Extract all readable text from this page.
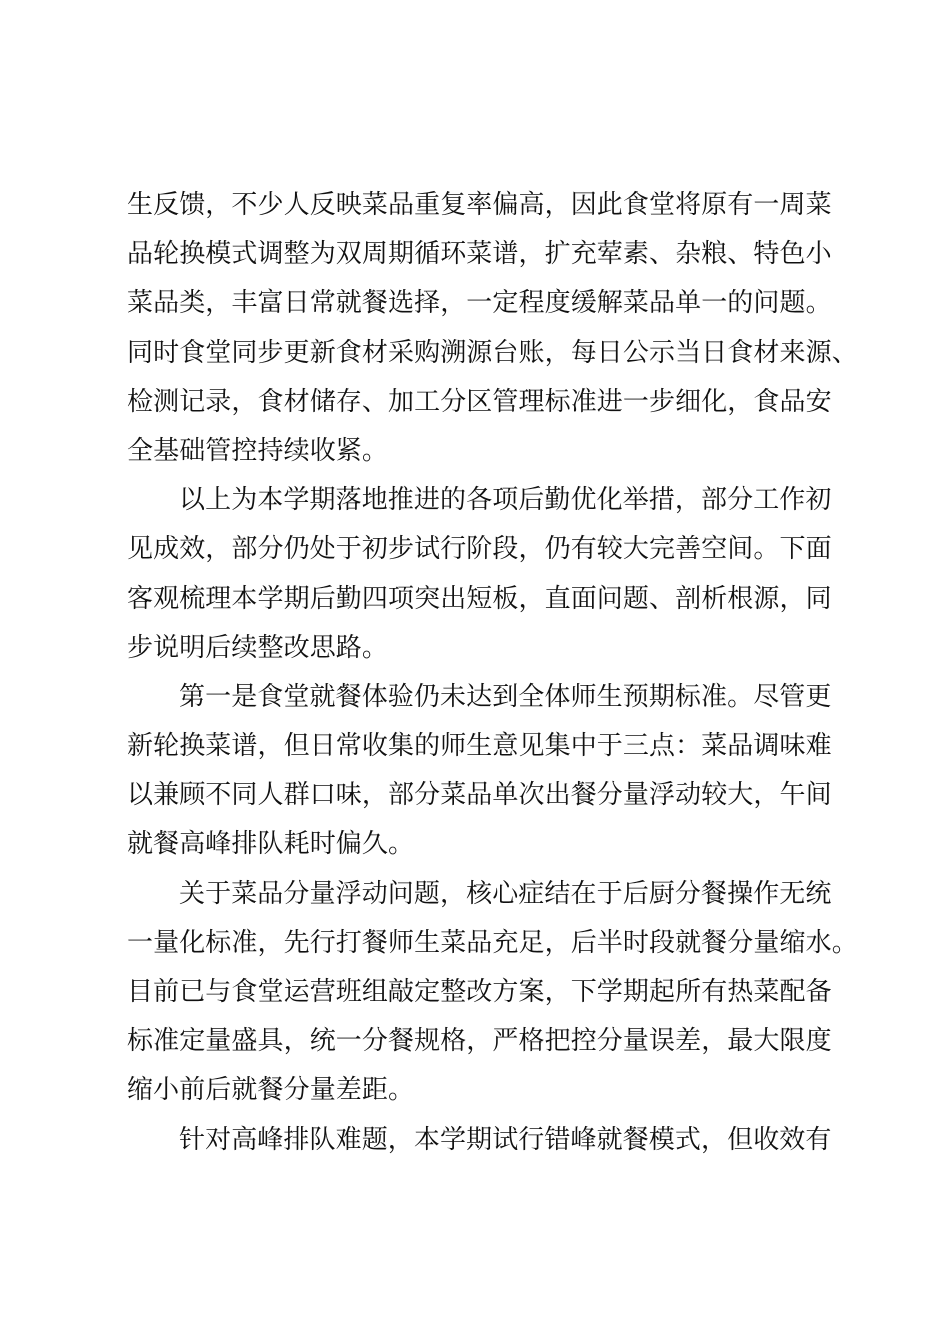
生反馈，不少人反映菜品重复率偏高，因此食堂将原有一周菜
品轮换模式调整为双周期循环菜谱，扩充荤素、杂粮、特色小
菜品类，丰富日常就餐选择，一定程度缓解菜品单一的问题。
同时食堂同步更新食材采购溯源台账，每日公示当日食材来源、
检测记录，食材储存、加工分区管理标准进一步细化，食品安
全基础管控持续收紧。

以上为本学期落地推进的各项后勤优化举措，部分工作初
见成效，部分仍处于初步试行阶段，仍有较大完善空间。下面
客观梳理本学期后勤四项突出短板，直面问题、剖析根源，同
步说明后续整改思路。

第一是食堂就餐体验仍未达到全体师生预期标准。尽管更
新轮换菜谱，但日常收集的师生意见集中于三点：菜品调味难
以兼顾不同人群口味，部分菜品单次出餐分量浮动较大，午间
就餐高峰排队耗时偏久。

关于菜品分量浮动问题，核心症结在于后厨分餐操作无统
一量化标准，先行打餐师生菜品充足，后半时段就餐分量缩水。
目前已与食堂运营班组敲定整改方案，下学期起所有热菜配备
标准定量盛具，统一分餐规格，严格把控分量误差，最大限度
缩小前后就餐分量差距。

针对高峰排队难题，本学期试行错峰就餐模式，但收效有
